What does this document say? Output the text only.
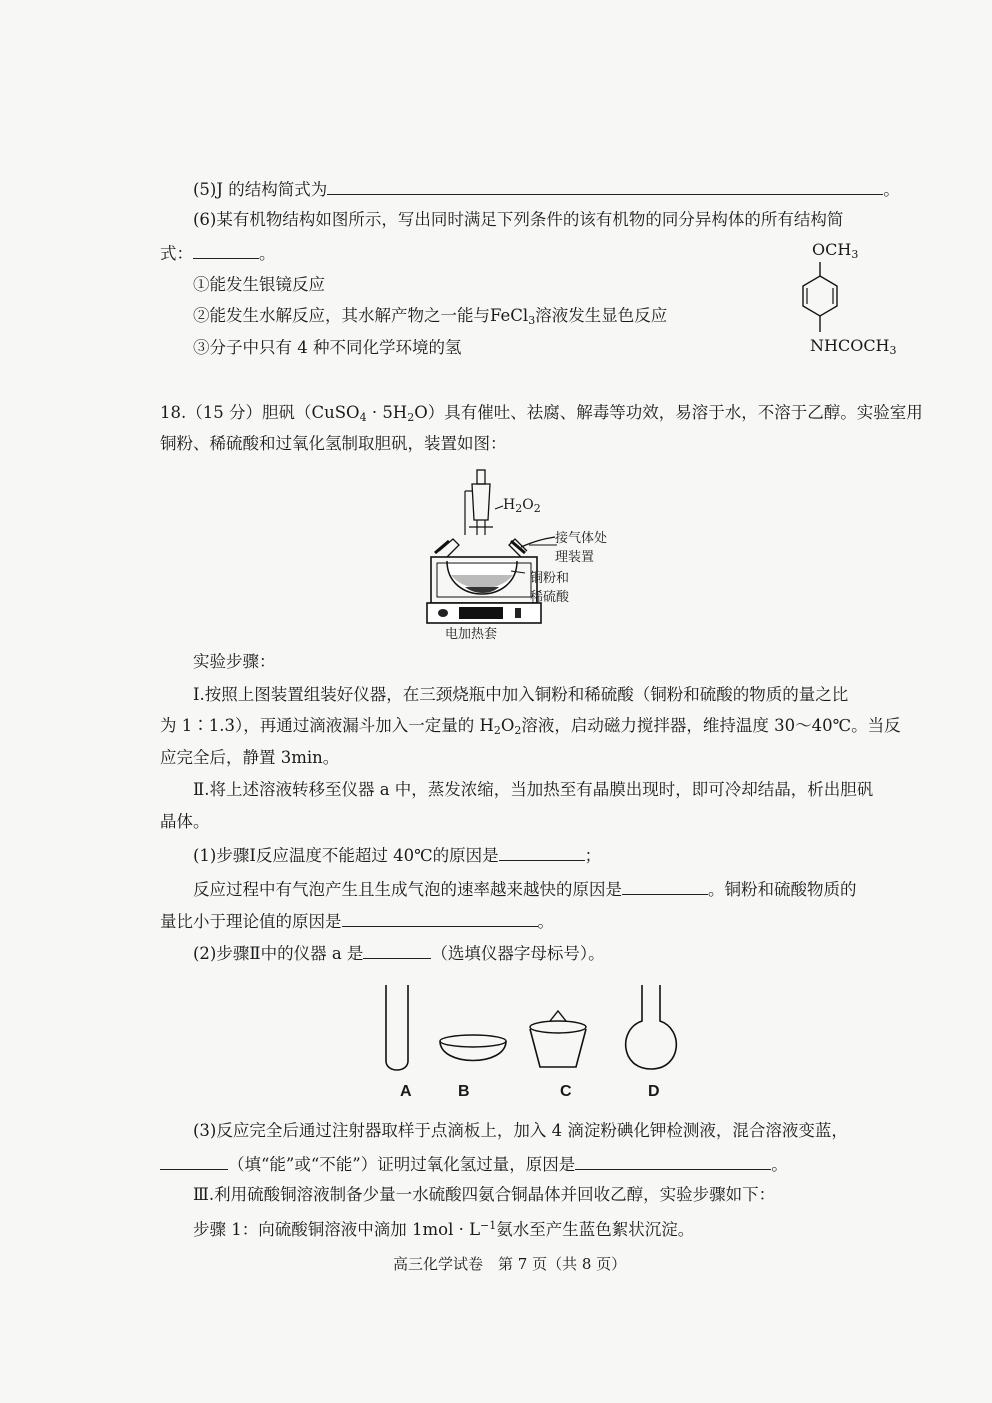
(5)J 的结构简式为	。
(6)某有机物结构如图所示，写出同时满足下列条件的该有机物的同分异构体的所有结构简
式：	。
①能发生银镜反应
②能发生水解反应，其水解产物之一能与FeCl$_3$溶液发生显色反应
③分子中只有 4 种不同化学环境的氢
$OCH_3$
$NHCOCH_3$
18.（15 分）胆矾（CuSO$_4$ · $5H_2O$）具有催吐、祛腐、解毒等功效，易溶于水，不溶于乙醇。实验室用
铜粉、稀硫酸和过氧化氢制取胆矾，装置如图：
$H_2O_2$
接气体处
理装置
铜粉和
稀硫酸
电加热套
实验步骤：
Ⅰ.按照上图装置组装好仪器，在三颈烧瓶中加入铜粉和稀硫酸（铜粉和硫酸的物质的量之比
为 1∶1.3），再通过滴液漏斗加入一定量的 $H_2O_2$溶液，启动磁力搅拌器，维持温度 30～40℃。当反
应完全后，静置 3min。
Ⅱ.将上述溶液转移至仪器 a 中，蒸发浓缩，当加热至有晶膜出现时，即可冷却结晶，析出胆矾
晶体。
(1)步骤Ⅰ反应温度不能超过 40℃的原因是	；
反应过程中有气泡产生且生成气泡的速率越来越快的原因是	。铜粉和硫酸物质的
量比小于理论值的原因是	。
(2)步骤Ⅱ中的仪器 a 是	（选填仪器字母标号）。
A	B	C	D
(3)反应完全后通过注射器取样于点滴板上，加入 4 滴淀粉碘化钾检测液，混合溶液变蓝，
（填“能”或“不能”）证明过氧化氢过量，原因是	。
Ⅲ.利用硫酸铜溶液制备少量一水硫酸四氨合铜晶体并回收乙醇，实验步骤如下：
步骤 1：向硫酸铜溶液中滴加 $1mol \cdot L^{-1}$氨水至产生蓝色絮状沉淀。
高三化学试卷　第 7 页（共 8 页）
